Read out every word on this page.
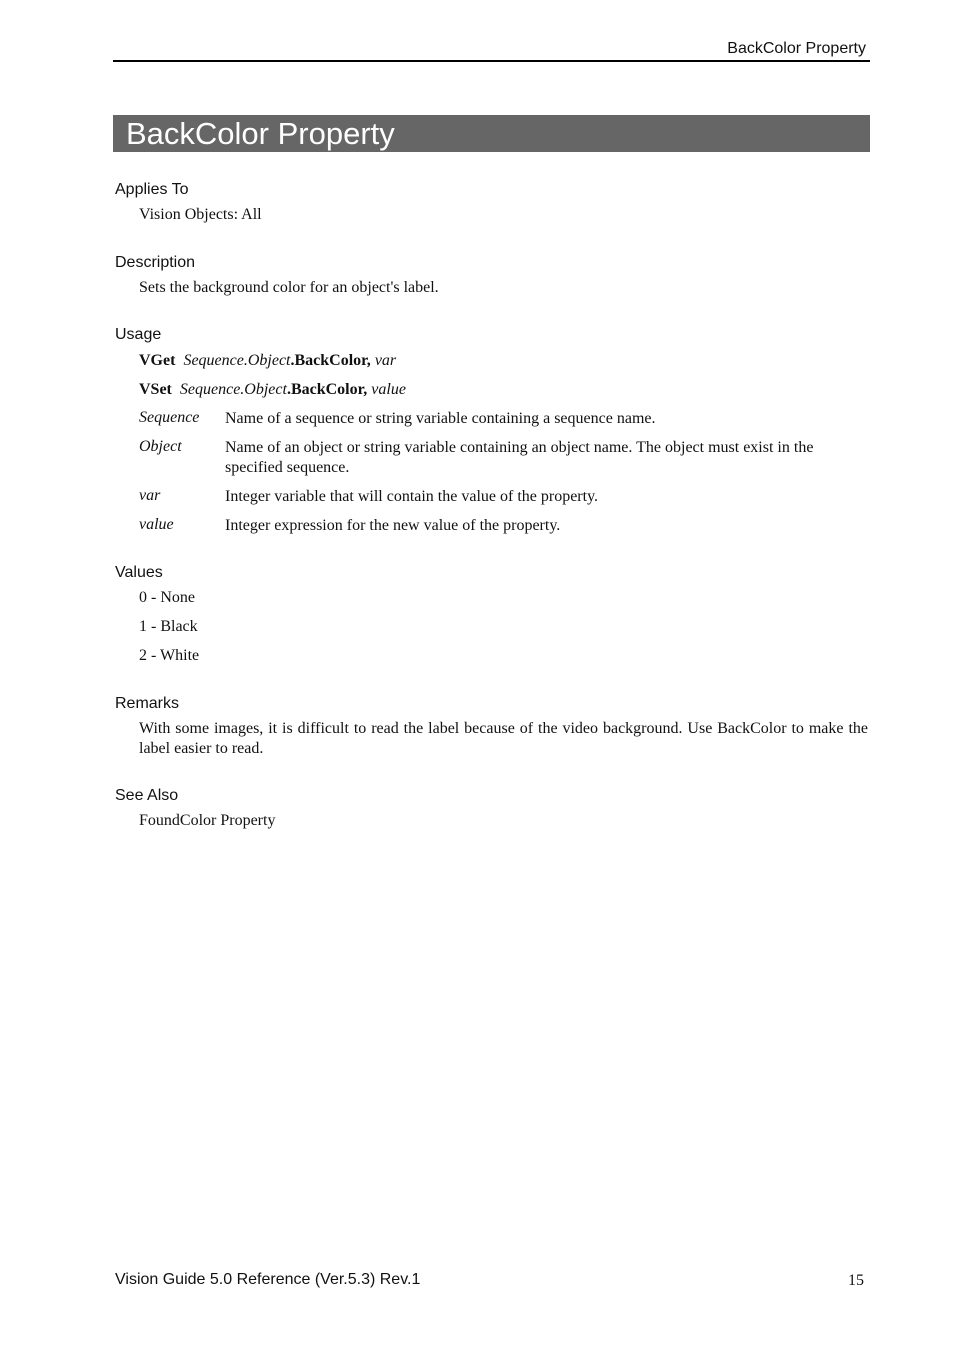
BackColor Property
BackColor Property
Applies To
Vision Objects: All
Description
Sets the background color for an object's label.
Usage
VGet Sequence.Object.BackColor, var
VSet Sequence.Object.BackColor, value
Sequence Name of a sequence or string variable containing a sequence name.
Object	Name of an object or string variable containing an object name. The object must exist in the specified sequence.
var	Integer variable that will contain the value of the property.
value	Integer expression for the new value of the property.
Values
0 - None
1 - Black
2 - White
Remarks
With some images, it is difficult to read the label because of the video background. Use BackColor to make the label easier to read.
See Also
FoundColor Property
Vision Guide 5.0 Reference (Ver.5.3) Rev.1	15
